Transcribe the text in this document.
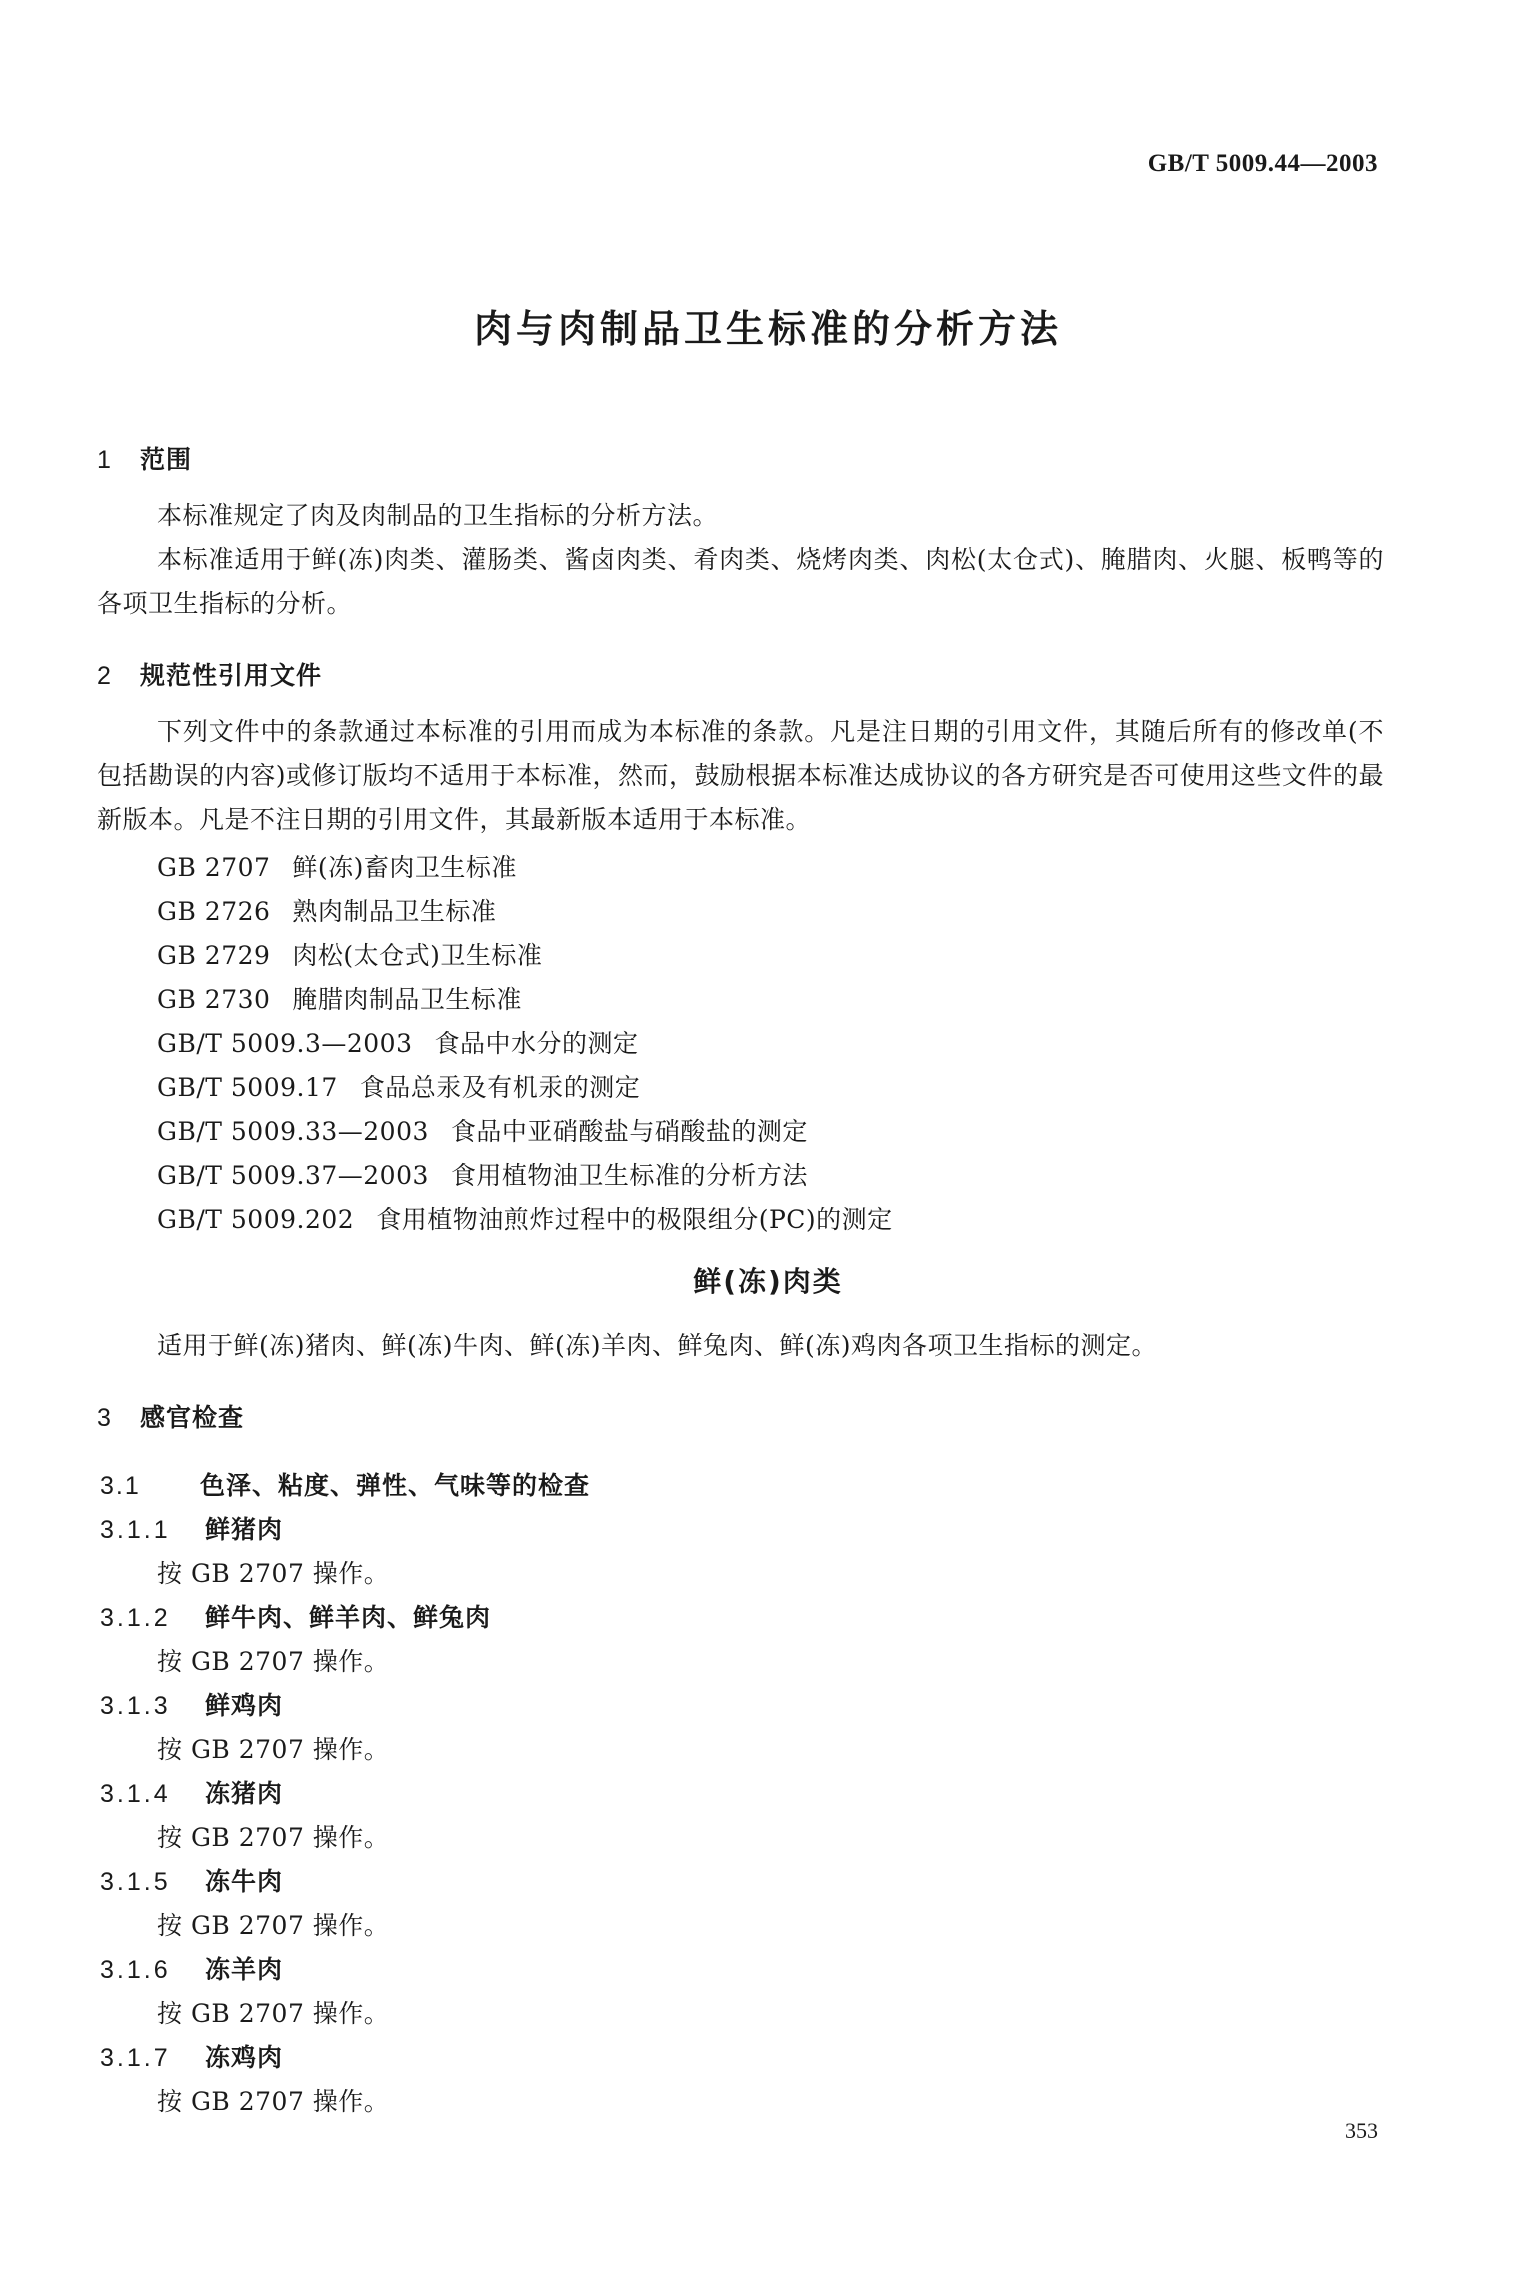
GB/T 5009.44—2003
肉与肉制品卫生标准的分析方法
1 范围
本标准规定了肉及肉制品的卫生指标的分析方法。
本标准适用于鲜(冻)肉类、灌肠类、酱卤肉类、肴肉类、烧烤肉类、肉松(太仓式)、腌腊肉、火腿、板鸭等的各项卫生指标的分析。
2 规范性引用文件
下列文件中的条款通过本标准的引用而成为本标准的条款。凡是注日期的引用文件，其随后所有的修改单(不包括勘误的内容)或修订版均不适用于本标准，然而，鼓励根据本标准达成协议的各方研究是否可使用这些文件的最新版本。凡是不注日期的引用文件，其最新版本适用于本标准。
GB 2707 鲜(冻)畜肉卫生标准
GB 2726 熟肉制品卫生标准
GB 2729 肉松(太仓式)卫生标准
GB 2730 腌腊肉制品卫生标准
GB/T 5009.3—2003 食品中水分的测定
GB/T 5009.17 食品总汞及有机汞的测定
GB/T 5009.33—2003 食品中亚硝酸盐与硝酸盐的测定
GB/T 5009.37—2003 食用植物油卫生标准的分析方法
GB/T 5009.202 食用植物油煎炸过程中的极限组分(PC)的测定
鲜(冻)肉类
适用于鲜(冻)猪肉、鲜(冻)牛肉、鲜(冻)羊肉、鲜兔肉、鲜(冻)鸡肉各项卫生指标的测定。
3 感官检查
3.1 色泽、粘度、弹性、气味等的检查
3.1.1 鲜猪肉
按 GB 2707 操作。
3.1.2 鲜牛肉、鲜羊肉、鲜兔肉
按 GB 2707 操作。
3.1.3 鲜鸡肉
按 GB 2707 操作。
3.1.4 冻猪肉
按 GB 2707 操作。
3.1.5 冻牛肉
按 GB 2707 操作。
3.1.6 冻羊肉
按 GB 2707 操作。
3.1.7 冻鸡肉
按 GB 2707 操作。
353
